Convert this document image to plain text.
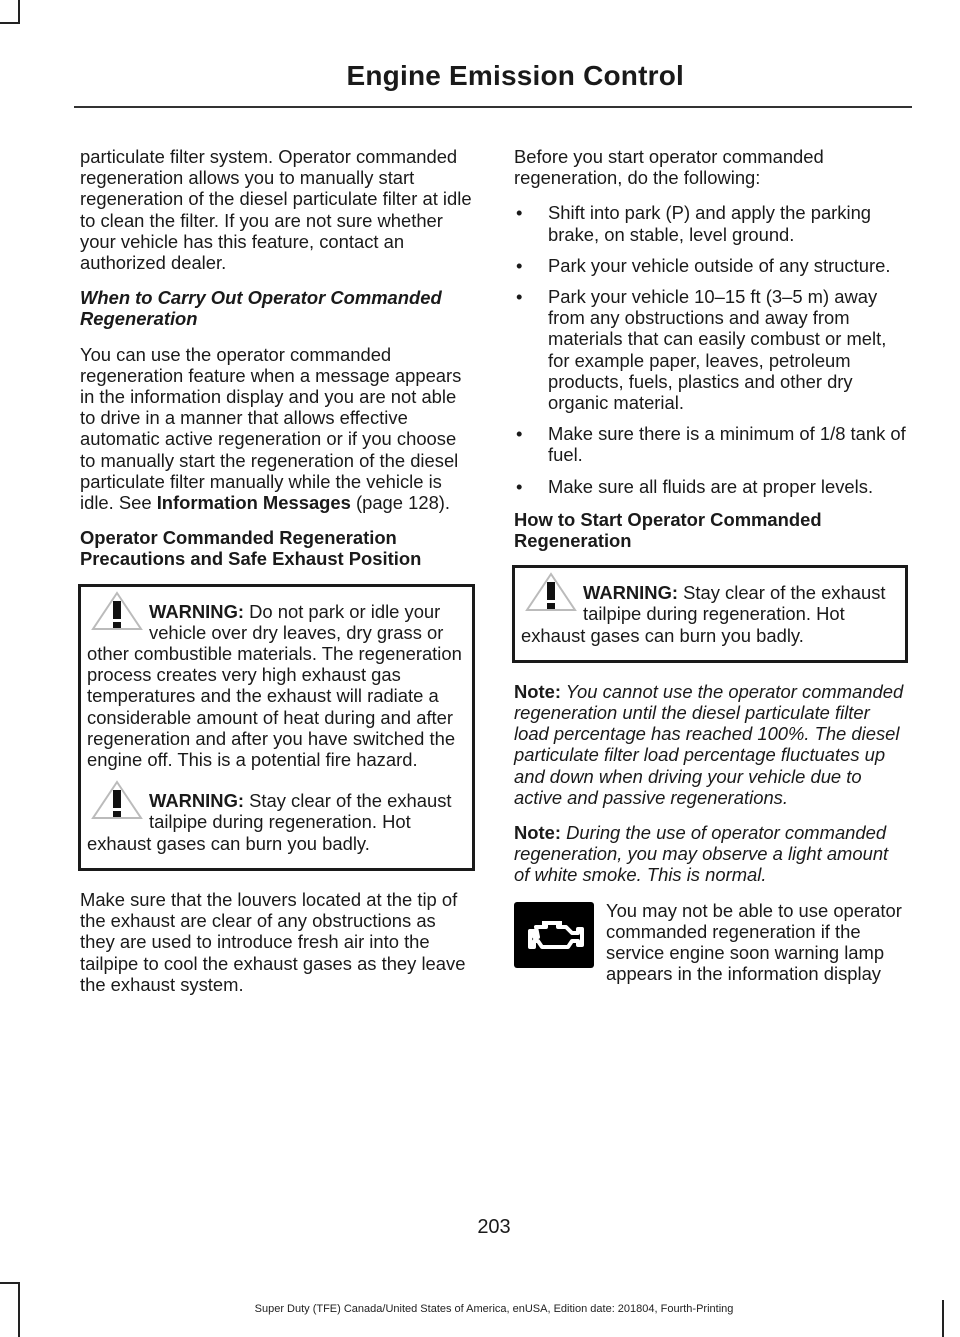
Engine Emission Control

particulate filter system. Operator commanded regeneration allows you to manually start regeneration of the diesel particulate filter at idle to clean the filter. If you are not sure whether your vehicle has this feature, contact an authorized dealer.

When to Carry Out Operator Commanded Regeneration

You can use the operator commanded regeneration feature when a message appears in the information display and you are not able to drive in a manner that allows effective automatic active regeneration or if you choose to manually start the regeneration of the diesel particulate filter manually while the vehicle is idle. See Information Messages (page 128).

Operator Commanded Regeneration Precautions and Safe Exhaust Position

WARNING: Do not park or idle your vehicle over dry leaves, dry grass or other combustible materials. The regeneration process creates very high exhaust gas temperatures and the exhaust will radiate a considerable amount of heat during and after regeneration and after you have switched the engine off. This is a potential fire hazard.
WARNING: Stay clear of the exhaust tailpipe during regeneration. Hot exhaust gases can burn you badly.

Make sure that the louvers located at the tip of the exhaust are clear of any obstructions as they are used to introduce fresh air into the tailpipe to cool the exhaust gases as they leave the exhaust system.

Before you start operator commanded regeneration, do the following:

• Shift into park (P) and apply the parking brake, on stable, level ground.
• Park your vehicle outside of any structure.
• Park your vehicle 10–15 ft (3–5 m) away from any obstructions and away from materials that can easily combust or melt, for example paper, leaves, petroleum products, fuels, plastics and other dry organic material.
• Make sure there is a minimum of 1/8 tank of fuel.
• Make sure all fluids are at proper levels.

How to Start Operator Commanded Regeneration

WARNING: Stay clear of the exhaust tailpipe during regeneration. Hot exhaust gases can burn you badly.

Note: You cannot use the operator commanded regeneration until the diesel particulate filter load percentage has reached 100%. The diesel particulate filter load percentage fluctuates up and down when driving your vehicle due to active and passive regenerations.

Note: During the use of operator commanded regeneration, you may observe a light amount of white smoke. This is normal.

You may not be able to use operator commanded regeneration if the service engine soon warning lamp appears in the information display
203
Super Duty (TFE) Canada/United States of America, enUSA, Edition date: 201804, Fourth-Printing
